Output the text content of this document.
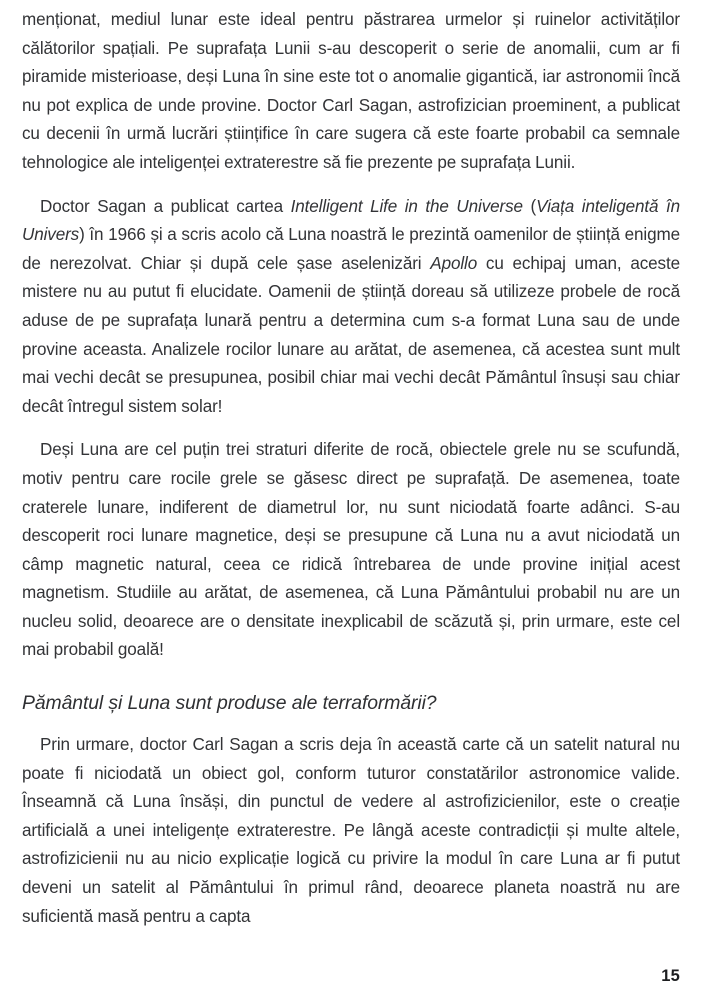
menționat, mediul lunar este ideal pentru păstrarea urmelor și ruinelor activităților călătorilor spațiali. Pe suprafața Lunii s-au descoperit o serie de anomalii, cum ar fi piramide misterioase, deși Luna în sine este tot o anomalie gigantică, iar astronomii încă nu pot explica de unde provine. Doctor Carl Sagan, astrofizician proeminent, a publicat cu decenii în urmă lucrări științifice în care sugera că este foarte probabil ca semnale tehnologice ale inteligenței extraterestre să fie prezente pe suprafața Lunii.

Doctor Sagan a publicat cartea Intelligent Life in the Universe (Viața inteligentă în Univers) în 1966 și a scris acolo că Luna noastră le prezintă oamenilor de știință enigme de nerezolvat. Chiar și după cele șase aselenizări Apollo cu echipaj uman, aceste mistere nu au putut fi elucidate. Oamenii de știință doreau să utilizeze probele de rocă aduse de pe suprafața lunară pentru a determina cum s-a format Luna sau de unde provine aceasta. Analizele rocilor lunare au arătat, de asemenea, că acestea sunt mult mai vechi decât se presupunea, posibil chiar mai vechi decât Pământul însuși sau chiar decât întregul sistem solar!

Deși Luna are cel puțin trei straturi diferite de rocă, obiectele grele nu se scufundă, motiv pentru care rocile grele se găsesc direct pe suprafață. De asemenea, toate craterele lunare, indiferent de diametrul lor, nu sunt niciodată foarte adânci. S-au descoperit roci lunare magnetice, deși se presupune că Luna nu a avut niciodată un câmp magnetic natural, ceea ce ridică întrebarea de unde provine inițial acest magnetism. Studiile au arătat, de asemenea, că Luna Pământului probabil nu are un nucleu solid, deoarece are o densitate inexplicabil de scăzută și, prin urmare, este cel mai probabil goală!

Pământul și Luna sunt produse ale terraformării?

Prin urmare, doctor Carl Sagan a scris deja în această carte că un satelit natural nu poate fi niciodată un obiect gol, conform tuturor constatărilor astronomice valide. Înseamnă că Luna însăși, din punctul de vedere al astrofizicienilor, este o creație artificială a unei inteligențe extraterestre. Pe lângă aceste contradicții și multe altele, astrofizicienii nu au nicio explicație logică cu privire la modul în care Luna ar fi putut deveni un satelit al Pământului în primul rând, deoarece planeta noastră nu are suficientă masă pentru a capta

15
